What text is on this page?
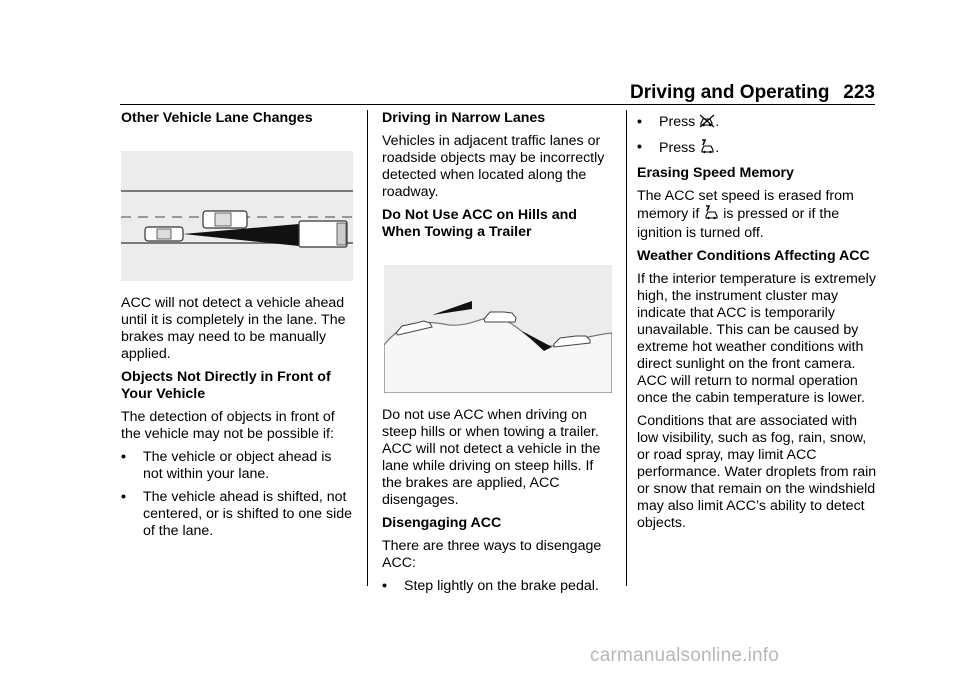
Driving and Operating 223
Other Vehicle Lane Changes

ACC will not detect a vehicle ahead until it is completely in the lane. The brakes may need to be manually applied.

Objects Not Directly in Front of Your Vehicle

The detection of objects in front of the vehicle may not be possible if:

•	The vehicle or object ahead is not within your lane.
•	The vehicle ahead is shifted, not centered, or is shifted to one side of the lane.
Driving in Narrow Lanes

Vehicles in adjacent traffic lanes or roadside objects may be incorrectly detected when located along the roadway.

Do Not Use ACC on Hills and When Towing a Trailer

Do not use ACC when driving on steep hills or when towing a trailer. ACC will not detect a vehicle in the lane while driving on steep hills. If the brakes are applied, ACC disengages.

Disengaging ACC

There are three ways to disengage ACC:

•	Step lightly on the brake pedal.
•	Press .
•	Press .
Erasing Speed Memory

The ACC set speed is erased from memory if is pressed or if the ignition is turned off.

Weather Conditions Affecting ACC

If the interior temperature is extremely high, the instrument cluster may indicate that ACC is temporarily unavailable. This can be caused by extreme hot weather conditions with direct sunlight on the front camera. ACC will return to normal operation once the cabin temperature is lower.

Conditions that are associated with low visibility, such as fog, rain, snow, or road spray, may limit ACC performance. Water droplets from rain or snow that remain on the windshield may also limit ACC’s ability to detect objects.

carmanualsonline.info
